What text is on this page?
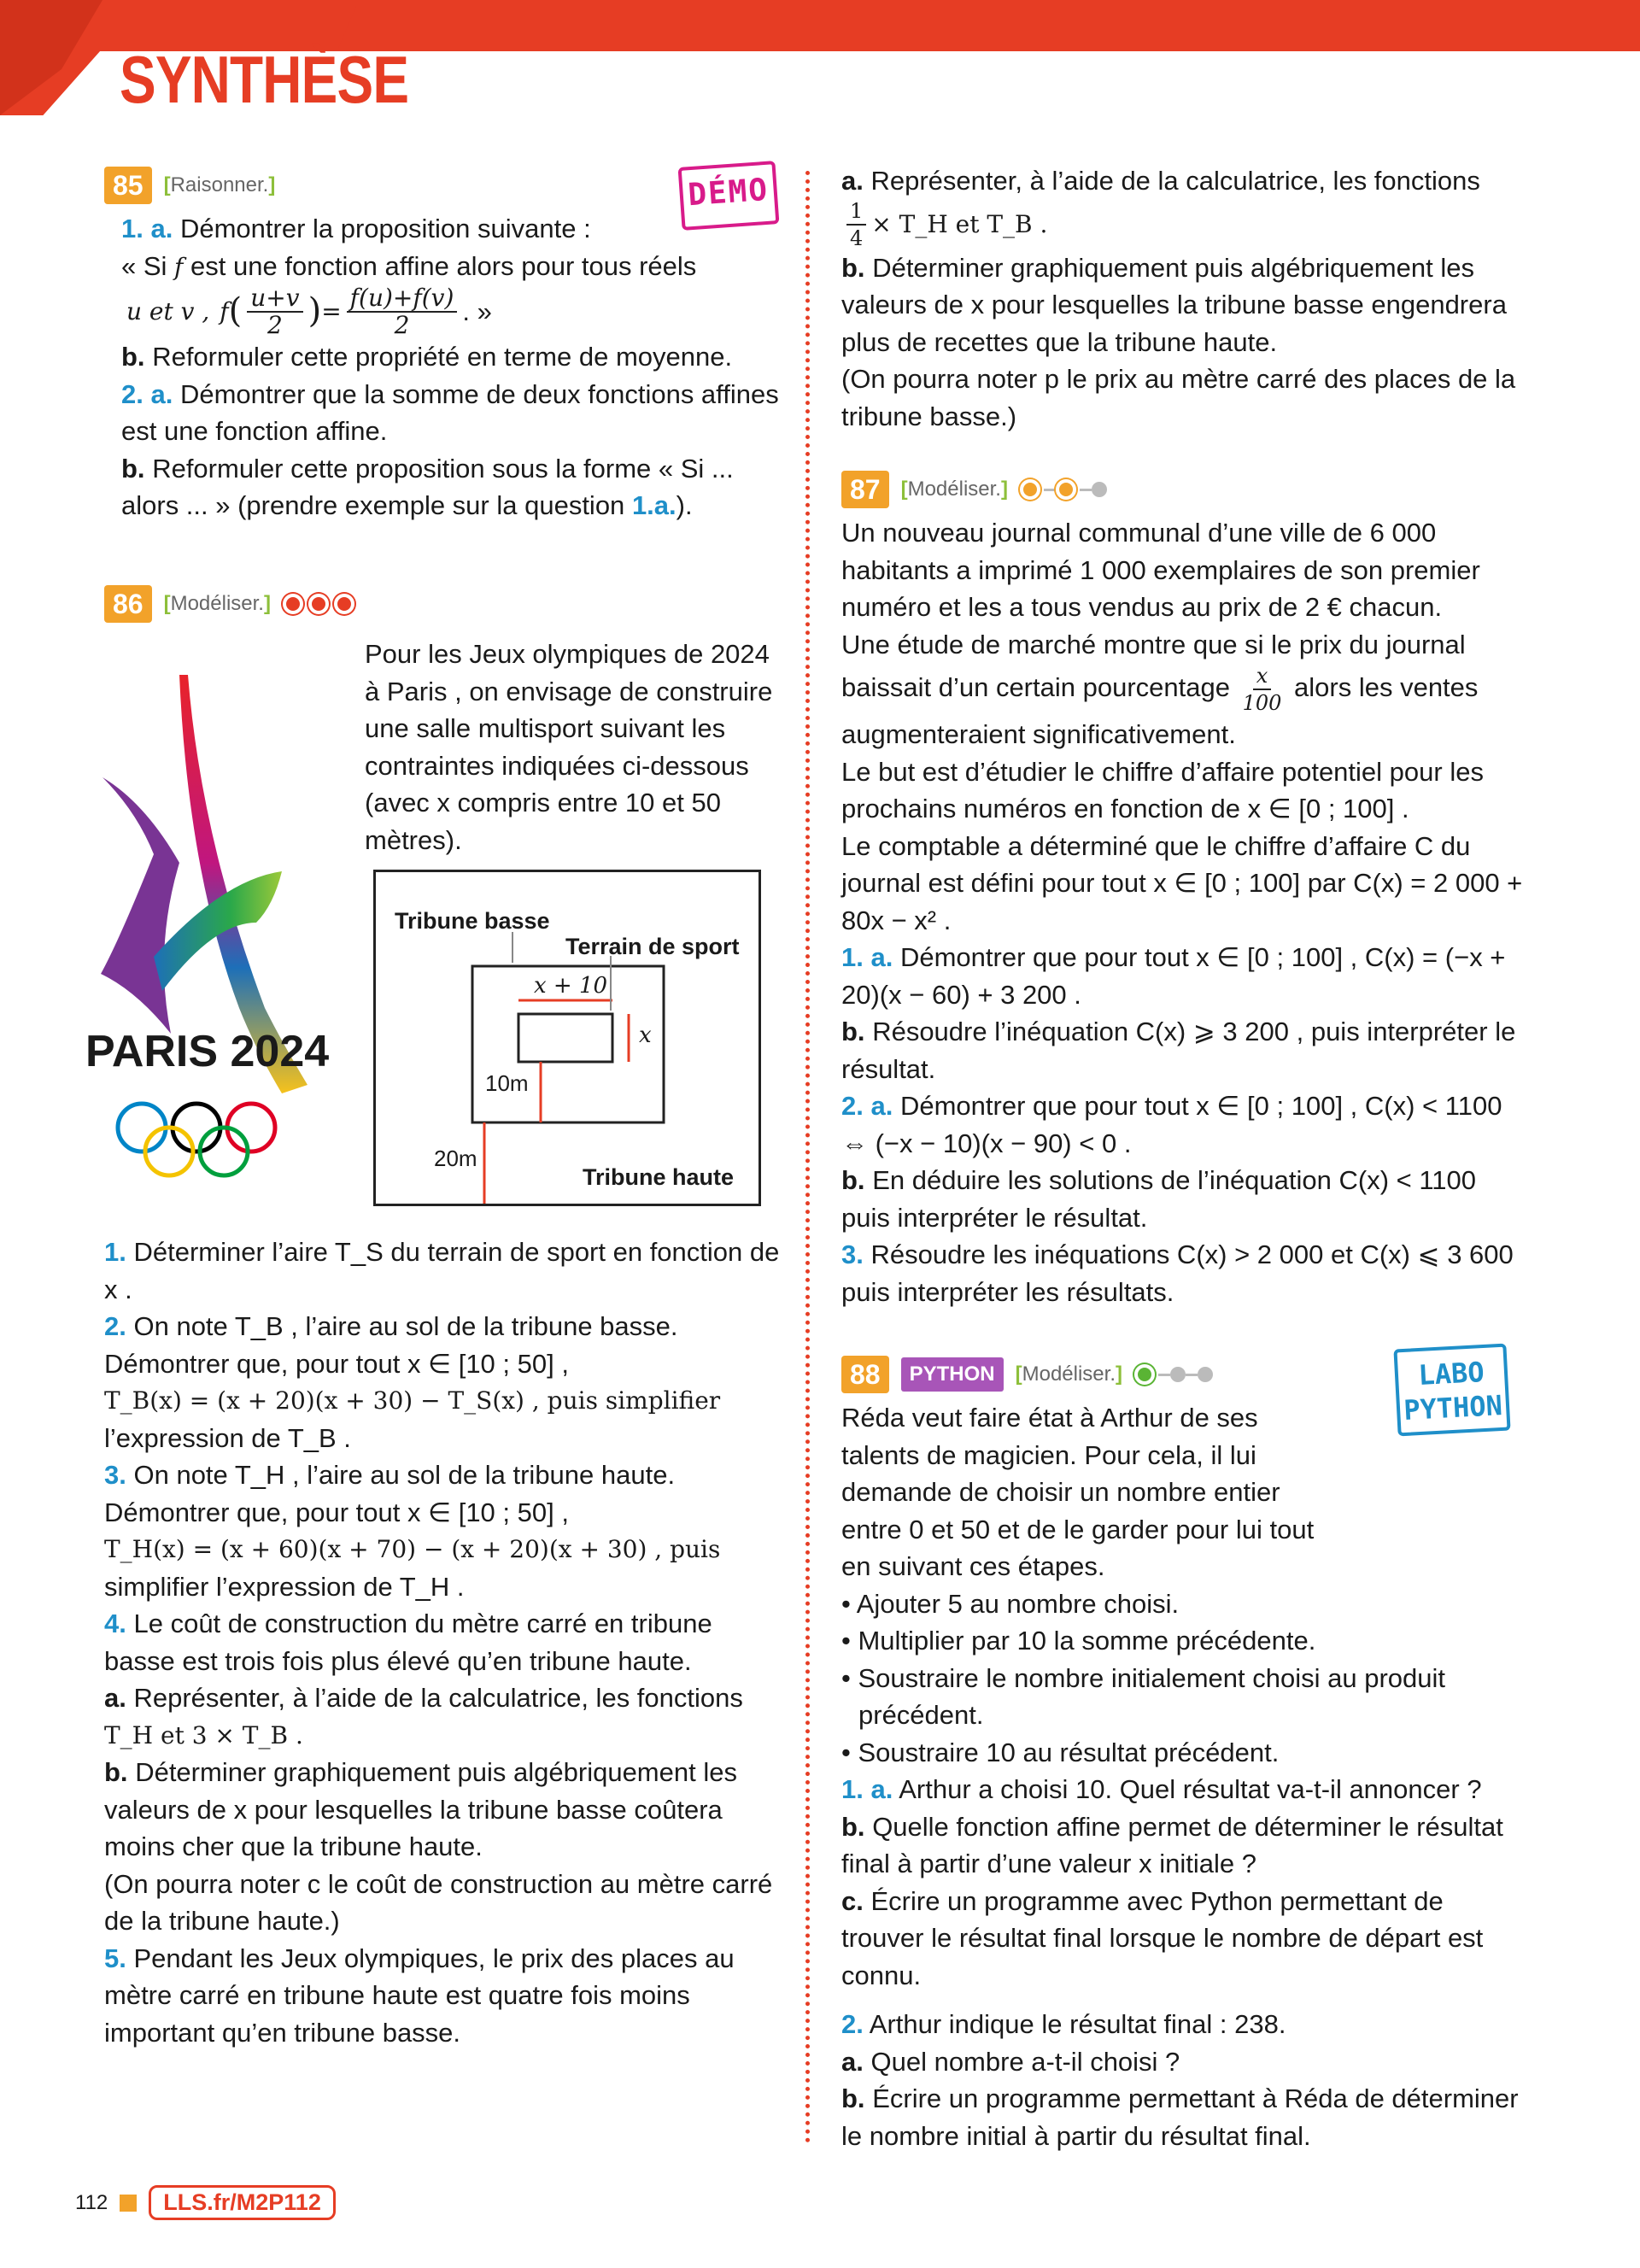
SYNTHÈSE
85	[Raisonner.]

1. a. Démontrer la proposition suivante :

« Si f est une fonction affine alors pour tous réels

u et v , f ( $\frac{u+v}{2}$ ) = $\frac{f(u)+f(v)}{2}$ . »

b. Reformuler cette propriété en terme de moyenne.

2. a. Démontrer que la somme de deux fonctions affines est une fonction affine.

b. Reformuler cette proposition sous la forme « Si ... alors ... » (prendre exemple sur la question 1.a.).

DÉMO
86	[Modéliser.]
PARIS 2024

Pour les Jeux olympiques de 2024 à Paris , on envisage de construire une salle multisport suivant les contraintes indiquées ci-dessous (avec x compris entre 10 et 50 mètres).

Tribune basse
Terrain de sport
x + 10
x
10m
20m
Tribune haute

1. Déterminer l’aire T_S du terrain de sport en fonction de x .

2. On note T_B , l’aire au sol de la tribune basse.

Démontrer que, pour tout x ∈ [10 ; 50] ,

T_B(x) = (x + 20)(x + 30) − T_S(x) , puis simplifier

l’expression de T_B .

3. On note T_H , l’aire au sol de la tribune haute.

Démontrer que, pour tout x ∈ [10 ; 50] ,

T_H(x) = (x + 60)(x + 70) − (x + 20)(x + 30) , puis

simplifier l’expression de T_H .

4. Le coût de construction du mètre carré en tribune basse est trois fois plus élevé qu’en tribune haute.

a. Représenter, à l’aide de la calculatrice, les fonctions

T_H et 3 × T_B .

b. Déterminer graphiquement puis algébriquement les valeurs de x pour lesquelles la tribune basse coûtera moins cher que la tribune haute.

(On pourra noter c le coût de construction au mètre carré de la tribune haute.)

5. Pendant les Jeux olympiques, le prix des places au mètre carré en tribune haute est quatre fois moins important qu’en tribune basse.

a. Représenter, à l’aide de la calculatrice, les fonctions

$\frac{1}{4}$ × T_H et T_B .

b. Déterminer graphiquement puis algébriquement les valeurs de x pour lesquelles la tribune basse engendrera plus de recettes que la tribune haute.

(On pourra noter p le prix au mètre carré des places de la tribune basse.)

87	[Modéliser.]

Un nouveau journal communal d’une ville de 6 000 habitants a imprimé 1 000 exemplaires de son premier numéro et les a tous vendus au prix de 2 € chacun.

Une étude de marché montre que si le prix du journal baissait d’un certain pourcentage $\frac{x}{100}$ alors les ventes augmenteraient significativement.

Le but est d’étudier le chiffre d’affaire potentiel pour les prochains numéros en fonction de x ∈ [0 ; 100] .

Le comptable a déterminé que le chiffre d’affaire C du journal est défini pour tout x ∈ [0 ; 100] par C(x) = 2 000 + 80x − x² .

1. a. Démontrer que pour tout x ∈ [0 ; 100] , C(x) = (−x + 20)(x − 60) + 3 200 .

b. Résoudre l’inéquation C(x) ⩾ 3 200 , puis interpréter le résultat.

2. a. Démontrer que pour tout x ∈ [0 ; 100] , C(x) < 1100 ⇔ (−x − 10)(x − 90) < 0 .

b. En déduire les solutions de l’inéquation C(x) < 1100 puis interpréter le résultat.

3. Résoudre les inéquations C(x) > 2 000 et C(x) ⩽ 3 600 puis interpréter les résultats.

88	PYTHON	[Modéliser.]

Réda veut faire état à Arthur de ses talents de magicien. Pour cela, il lui demande de choisir un nombre entier entre 0 et 50 et de le garder pour lui tout en suivant ces étapes.

• Ajouter 5 au nombre choisi.

• Multiplier par 10 la somme précédente.

• Soustraire le nombre initialement choisi au produit précédent.

• Soustraire 10 au résultat précédent.

1. a. Arthur a choisi 10. Quel résultat va-t-il annoncer ?

b. Quelle fonction affine permet de déterminer le résultat final à partir d’une valeur x initiale ?

c. Écrire un programme avec Python permettant de trouver le résultat final lorsque le nombre de départ est connu.

2. Arthur indique le résultat final : 238.

a. Quel nombre a-t-il choisi ?

b. Écrire un programme permettant à Réda de déterminer le nombre initial à partir du résultat final.

LABO
PYTHON
112	LLS.fr/M2P112
